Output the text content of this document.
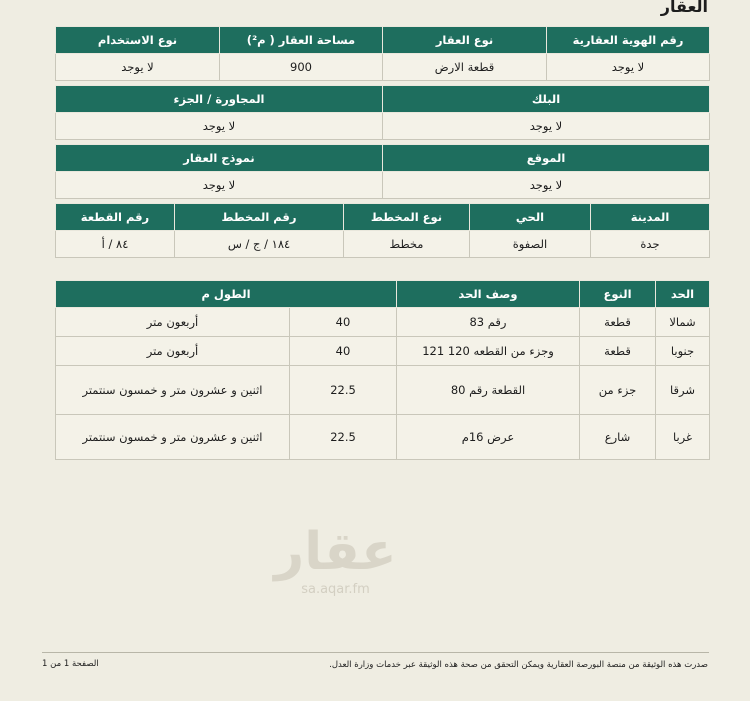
العقار
رقم الهوية العقارية	نوع العقار	مساحة العقار ( م²)	نوع الاستخدام
لا يوجد	قطعة الارض	900	لا يوجد
البلك	المجاورة / الجزء
لا يوجد	لا يوجد
الموقع	نموذج العقار
لا يوجد	لا يوجد
المدينة	الحي	نوع المخطط	رقم المخطط	رقم القطعة
جدة	الصفوة	مخطط	١٨٤ / ج / س	٨٤ / أ
الحد	النوع	وصف الحد	الطول م	
شمالا	قطعة	رقم 83	40	أربعون متر
جنوبا	قطعة	وجزء من القطعه 120 121	40	أربعون متر
شرقا	جزء من	القطعة رقم 80	22.5	اثنين و عشرون متر و خمسون سنتمتر
غربا	شارع	عرض 16م	22.5	اثنين و عشرون متر و خمسون سنتمتر
عقار
sa.aqar.fm
صدرت هذه الوثيقة من منصة البورصة العقارية ويمكن التحقق من صحة هذه الوثيقة عبر خدمات وزارة العدل.
الصفحة 1 من 1
